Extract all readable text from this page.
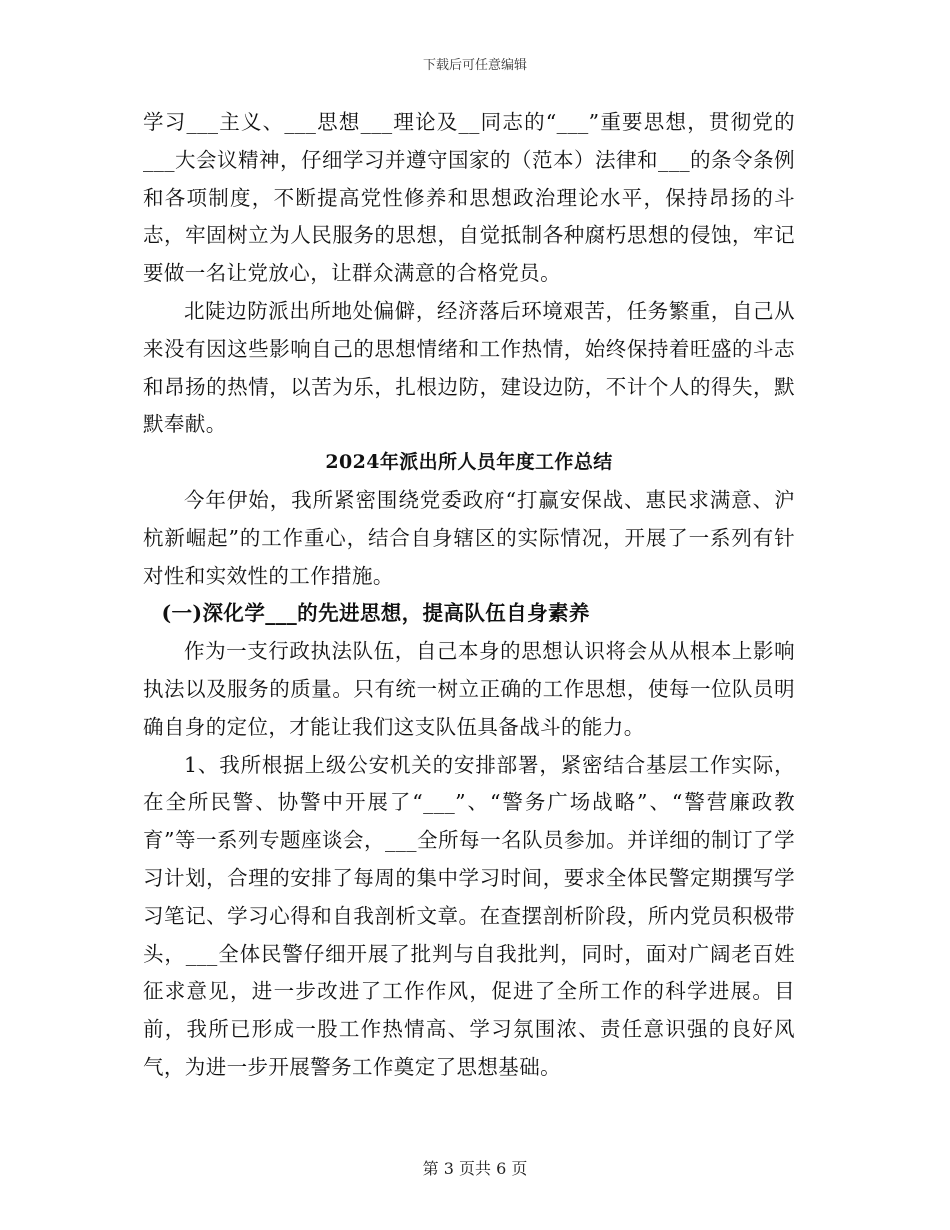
下载后可任意编辑

学习___主义、___思想___理论及__同志的“___”重要思想，贯彻党的___大会议精神，仔细学习并遵守国家的（范本）法律和___的条令条例和各项制度，不断提高党性修养和思想政治理论水平，保持昂扬的斗志，牢固树立为人民服务的思想，自觉抵制各种腐朽思想的侵蚀，牢记要做一名让党放心，让群众满意的合格党员。

北陡边防派出所地处偏僻，经济落后环境艰苦，任务繁重，自己从来没有因这些影响自己的思想情绪和工作热情，始终保持着旺盛的斗志和昂扬的热情，以苦为乐，扎根边防，建设边防，不计个人的得失，默默奉献。

2024年派出所人员年度工作总结

今年伊始，我所紧密围绕党委政府“打赢安保战、惠民求满意、沪杭新崛起”的工作重心，结合自身辖区的实际情况，开展了一系列有针对性和实效性的工作措施。

(一)深化学___的先进思想，提高队伍自身素养

作为一支行政执法队伍，自己本身的思想认识将会从从根本上影响执法以及服务的质量。只有统一树立正确的工作思想，使每一位队员明确自身的定位，才能让我们这支队伍具备战斗的能力。

1、我所根据上级公安机关的安排部署，紧密结合基层工作实际，在全所民警、协警中开展了“___”、“警务广场战略”、“警营廉政教育”等一系列专题座谈会，___全所每一名队员参加。并详细的制订了学习计划，合理的安排了每周的集中学习时间，要求全体民警定期撰写学习笔记、学习心得和自我剖析文章。在查摆剖析阶段，所内党员积极带头，___全体民警仔细开展了批判与自我批判，同时，面对广阔老百姓征求意见，进一步改进了工作作风，促进了全所工作的科学进展。目前，我所已形成一股工作热情高、学习氛围浓、责任意识强的良好风气，为进一步开展警务工作奠定了思想基础。

第 3 页共 6 页
